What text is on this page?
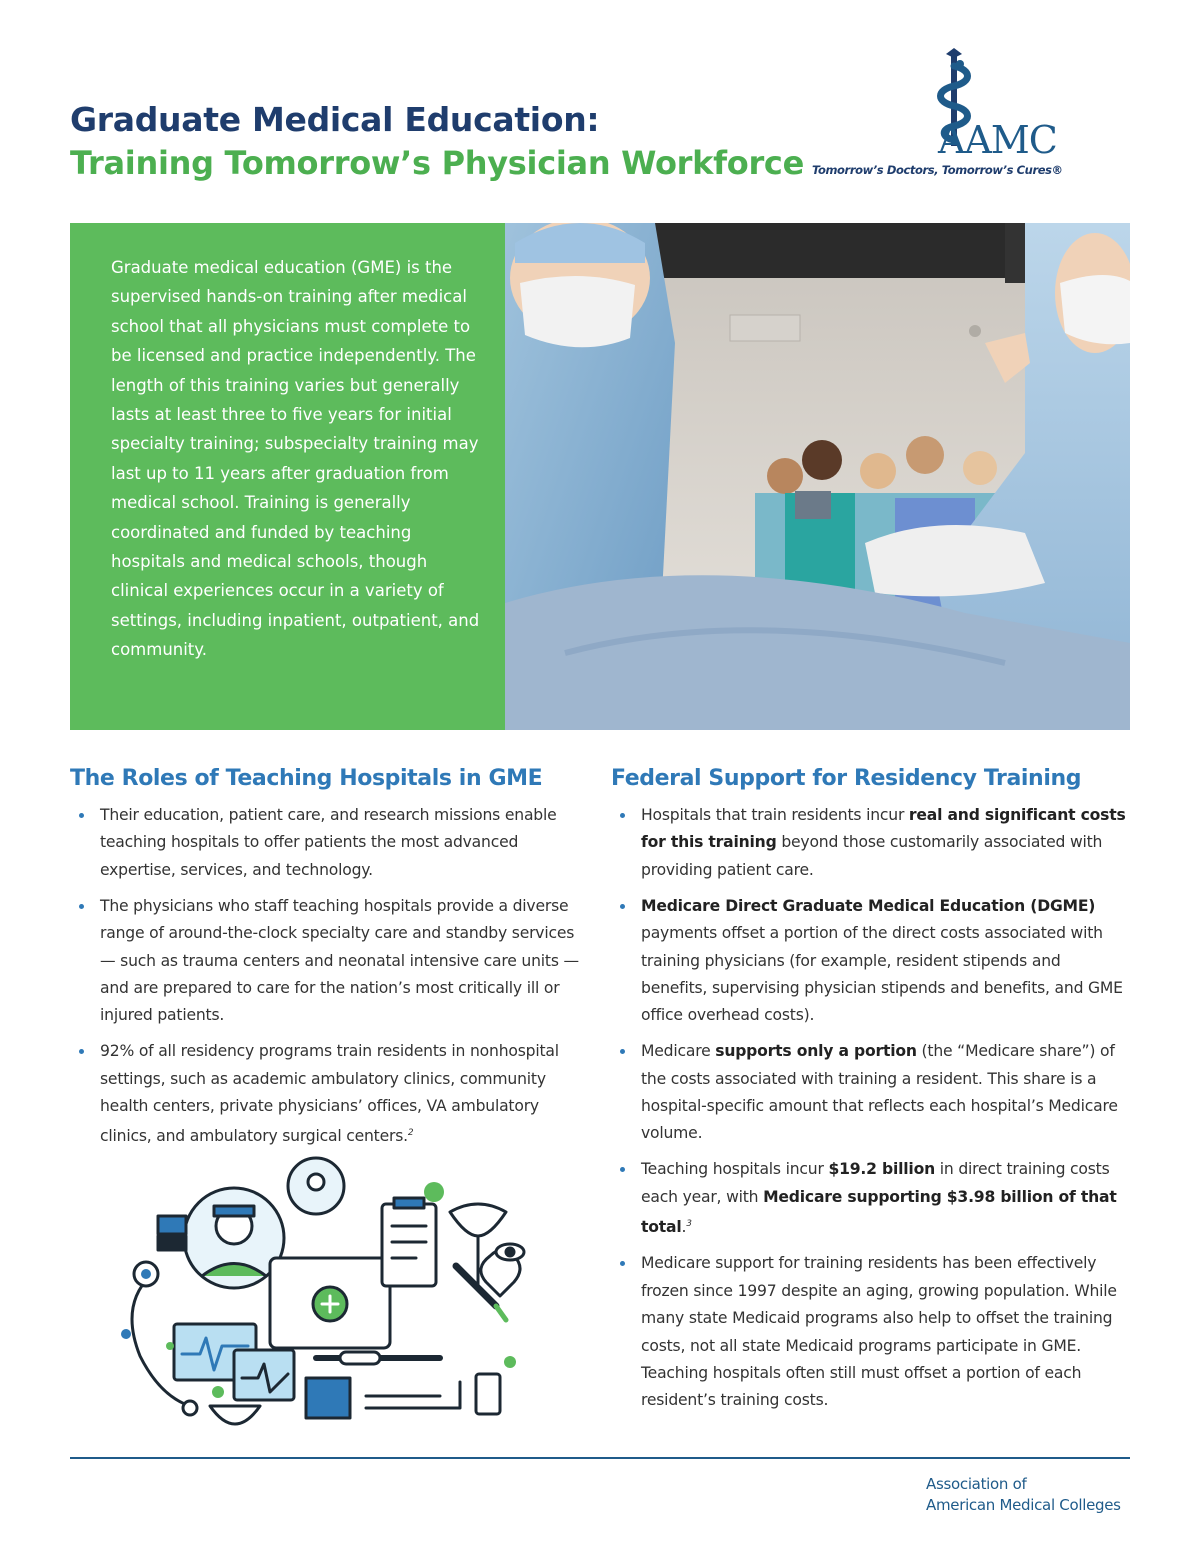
Graduate Medical Education:
Training Tomorrow’s Physician Workforce
AAMC
Tomorrow’s Doctors, Tomorrow’s Cures®

Graduate medical education (GME) is the supervised hands-on training after medical school that all physicians must complete to be licensed and practice independently. The length of this training varies but generally lasts at least three to five years for initial specialty training; subspecialty training may last up to 11 years after graduation from medical school. Training is generally coordinated and funded by teaching hospitals and medical schools, though clinical experiences occur in a variety of settings, including inpatient, outpatient, and community.

The Roles of Teaching Hospitals in GME
Their education, patient care, and research missions enable teaching hospitals to offer patients the most advanced expertise, services, and technology.
The physicians who staff teaching hospitals provide a diverse range of around-the-clock specialty care and standby services — such as trauma centers and neonatal intensive care units — and are prepared to care for the nation’s most critically ill or injured patients.
92% of all residency programs train residents in nonhospital settings, such as academic ambulatory clinics, community health centers, private physicians’ offices, VA ambulatory clinics, and ambulatory surgical centers.$^2$
Federal Support for Residency Training
Hospitals that train residents incur real and significant costs for this training beyond those customarily associated with providing patient care.
Medicare Direct Graduate Medical Education (DGME) payments offset a portion of the direct costs associated with training physicians (for example, resident stipends and benefits, supervising physician stipends and benefits, and GME office overhead costs).
Medicare supports only a portion (the “Medicare share”) of the costs associated with training a resident. This share is a hospital-specific amount that reflects each hospital’s Medicare volume.
Teaching hospitals incur $19.2 billion in direct training costs each year, with Medicare supporting $3.98 billion of that total.$^3$
Medicare support for training residents has been effectively frozen since 1997 despite an aging, growing population. While many state Medicaid programs also help to offset the training costs, not all state Medicaid programs participate in GME. Teaching hospitals often still must offset a portion of each resident’s training costs.
Association of
American Medical Colleges
